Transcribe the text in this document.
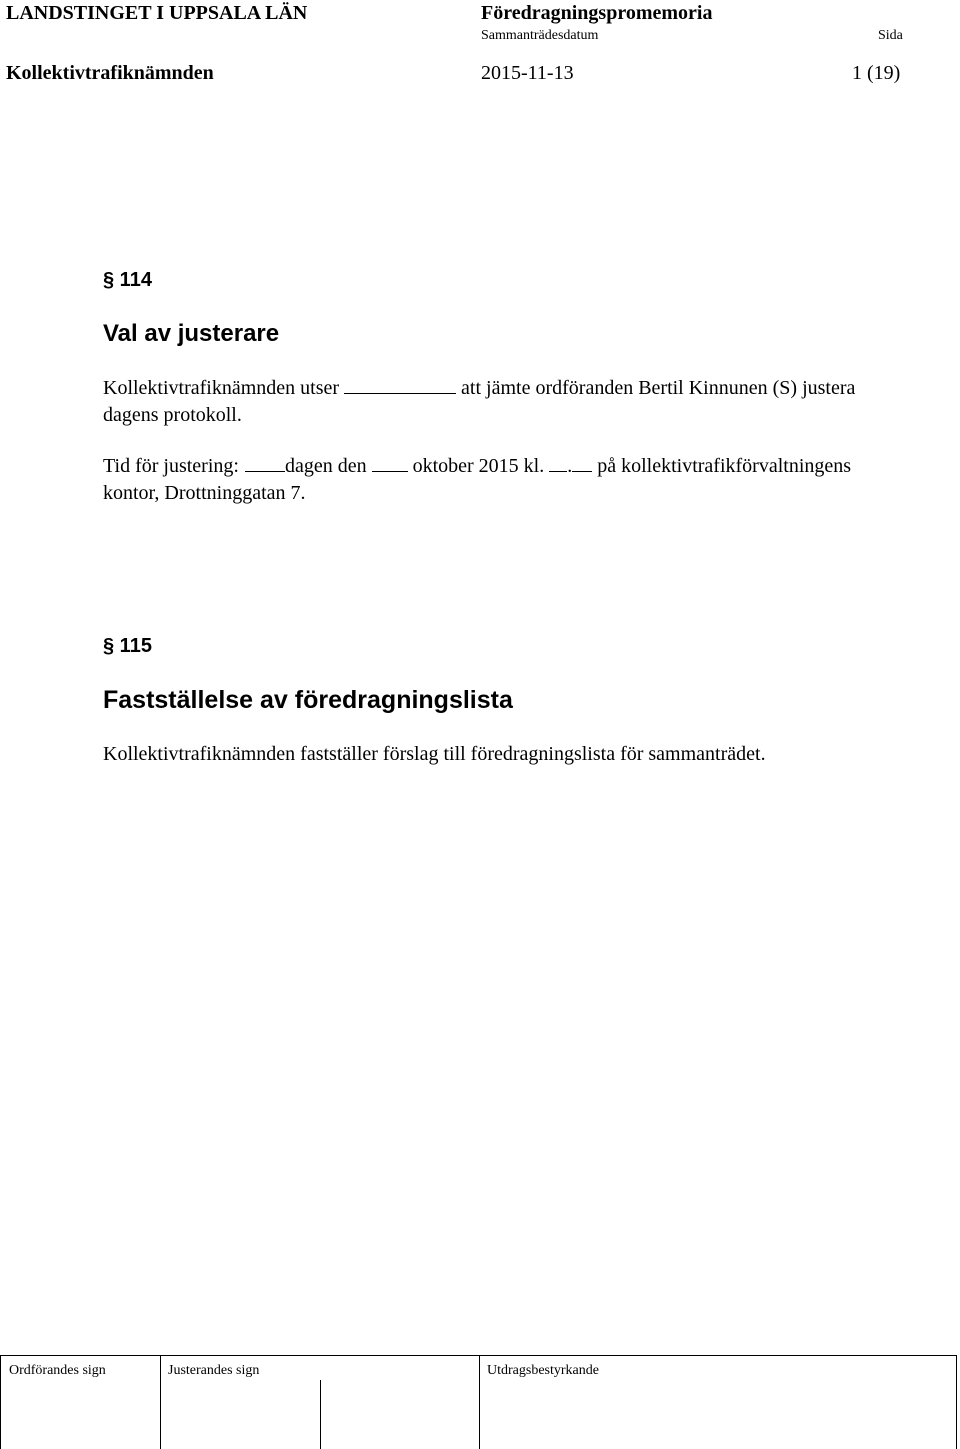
LANDSTINGET I UPPSALA LÄN	Föredragningspromemoria
Sammanträdesdatum	Sida
Kollektivtrafiknämnden	2015-11-13	1 (19)
§ 114
Val av justerare
Kollektivtrafiknämnden utser	att jämte ordföranden Bertil Kinnunen (S) justera
dagens protokoll.
Tid för justering: dagen den oktober 2015 kl. . på kollektivtrafikförvaltningens
kontor, Drottninggatan 7.
§ 115
Fastställelse av föredragningslista
Kollektivtrafiknämnden fastställer förslag till föredragningslista för sammanträdet.
Ordförandes sign	Justerandes sign	Utdragsbestyrkande
